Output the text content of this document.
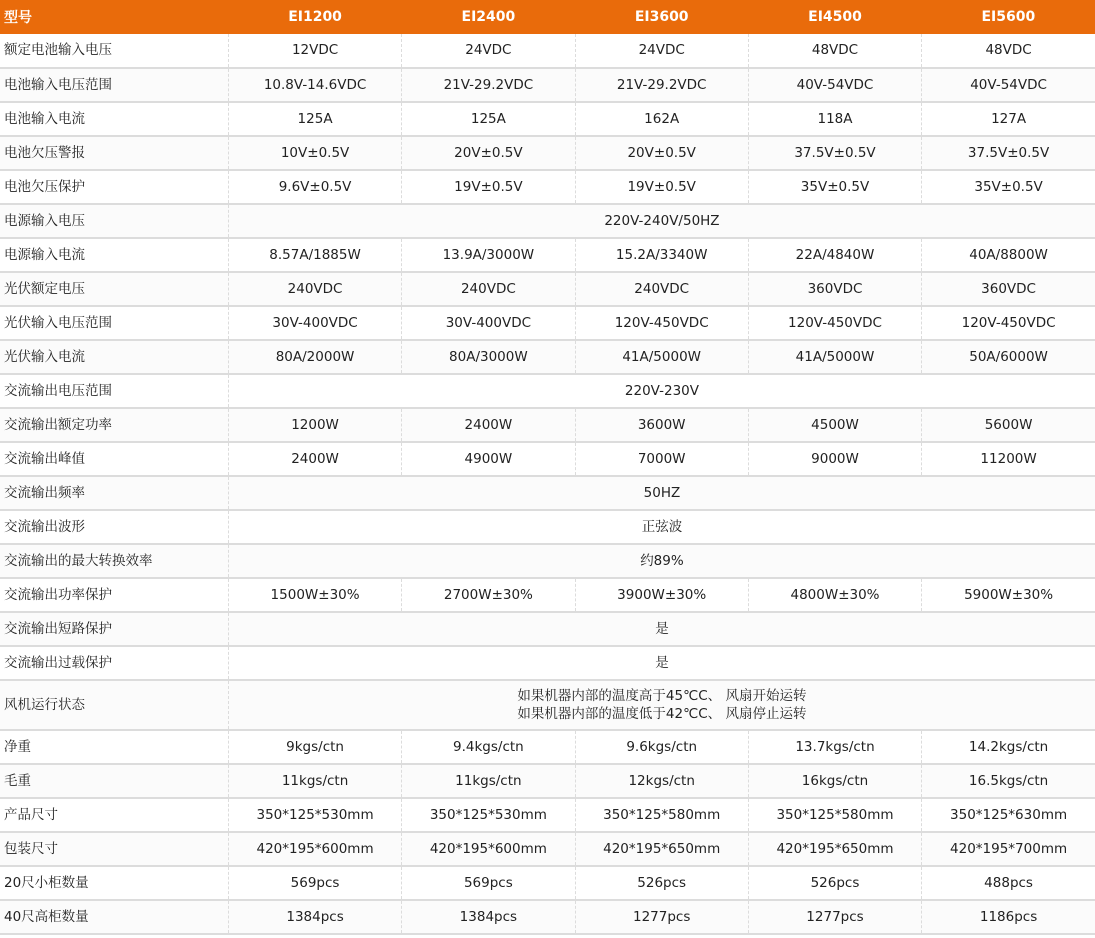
型号	EI1200	EI2400	EI3600	EI4500	EI5600
额定电池输入电压	12VDC	24VDC	24VDC	48VDC	48VDC
电池输入电压范围	10.8V-14.6VDC	21V-29.2VDC	21V-29.2VDC	40V-54VDC	40V-54VDC
电池输入电流	125A	125A	162A	118A	127A
电池欠压警报	10V±0.5V	20V±0.5V	20V±0.5V	37.5V±0.5V	37.5V±0.5V
电池欠压保护	9.6V±0.5V	19V±0.5V	19V±0.5V	35V±0.5V	35V±0.5V
电源输入电压	220V-240V/50HZ				
电源输入电流	8.57A/1885W	13.9A/3000W	15.2A/3340W	22A/4840W	40A/8800W
光伏额定电压	240VDC	240VDC	240VDC	360VDC	360VDC
光伏输入电压范围	30V-400VDC	30V-400VDC	120V-450VDC	120V-450VDC	120V-450VDC
光伏输入电流	80A/2000W	80A/3000W	41A/5000W	41A/5000W	50A/6000W
交流输出电压范围	220V-230V				
交流输出额定功率	1200W	2400W	3600W	4500W	5600W
交流输出峰值	2400W	4900W	7000W	9000W	11200W
交流输出频率	50HZ				
交流输出波形	正弦波				
交流输出的最大转换效率	约89%				
交流输出功率保护	1500W±30%	2700W±30%	3900W±30%	4800W±30%	5900W±30%
交流输出短路保护	是				
交流输出过载保护	是				
风机运行状态	如果机器内部的温度高于45℃C、 风扇开始运转
如果机器内部的温度低于42℃C、 风扇停止运转				

净重	9kgs/ctn	9.4kgs/ctn	9.6kgs/ctn	13.7kgs/ctn	14.2kgs/ctn
毛重	11kgs/ctn	11kgs/ctn	12kgs/ctn	16kgs/ctn	16.5kgs/ctn
产品尺寸	350*125*530mm	350*125*530mm	350*125*580mm	350*125*580mm	350*125*630mm
包装尺寸	420*195*600mm	420*195*600mm	420*195*650mm	420*195*650mm	420*195*700mm
20尺小柜数量	569pcs	569pcs	526pcs	526pcs	488pcs
40尺高柜数量	1384pcs	1384pcs	1277pcs	1277pcs	1186pcs
